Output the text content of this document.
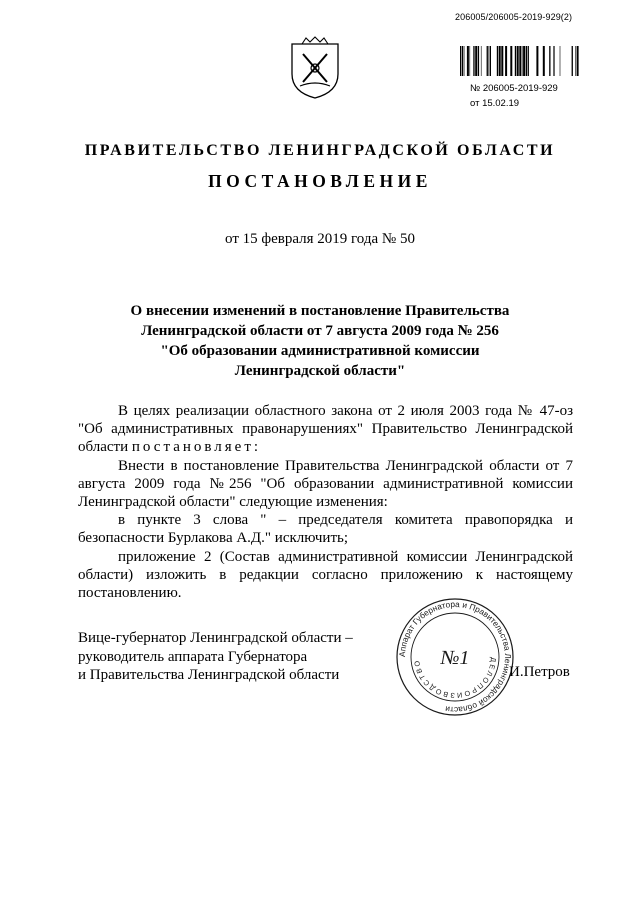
206005/206005-2019-929(2)
№ 206005-2019-929
от 15.02.19
ПРАВИТЕЛЬСТВО ЛЕНИНГРАДСКОЙ ОБЛАСТИ
ПОСТАНОВЛЕНИЕ
от 15 февраля 2019 года № 50
О внесении изменений в постановление Правительства
Ленинградской области от 7 августа 2009 года № 256
"Об образовании административной комиссии
Ленинградской области"

В целях реализации областного закона от 2 июля 2003 года № 47-оз "Об административных правонарушениях" Правительство Ленинградской области постановляет:

Внести в постановление Правительства Ленинградской области от 7 августа 2009 года №256 "Об образовании административной комиссии Ленинградской области" следующие изменения:

в пункте 3 слова " – председателя комитета правопорядка и безопасности Бурлакова А.Д." исключить;

приложение 2 (Состав административной комиссии Ленинградской области) изложить в редакции согласно приложению к настоящему постановлению.

Вице-губернатор Ленинградской области –
руководитель аппарата Губернатора
и Правительства Ленинградской области
Аппарат Губернатора и Правительства Ленинградской области
ДЕЛОПРОИЗВОДСТВО №1
И.Петров
